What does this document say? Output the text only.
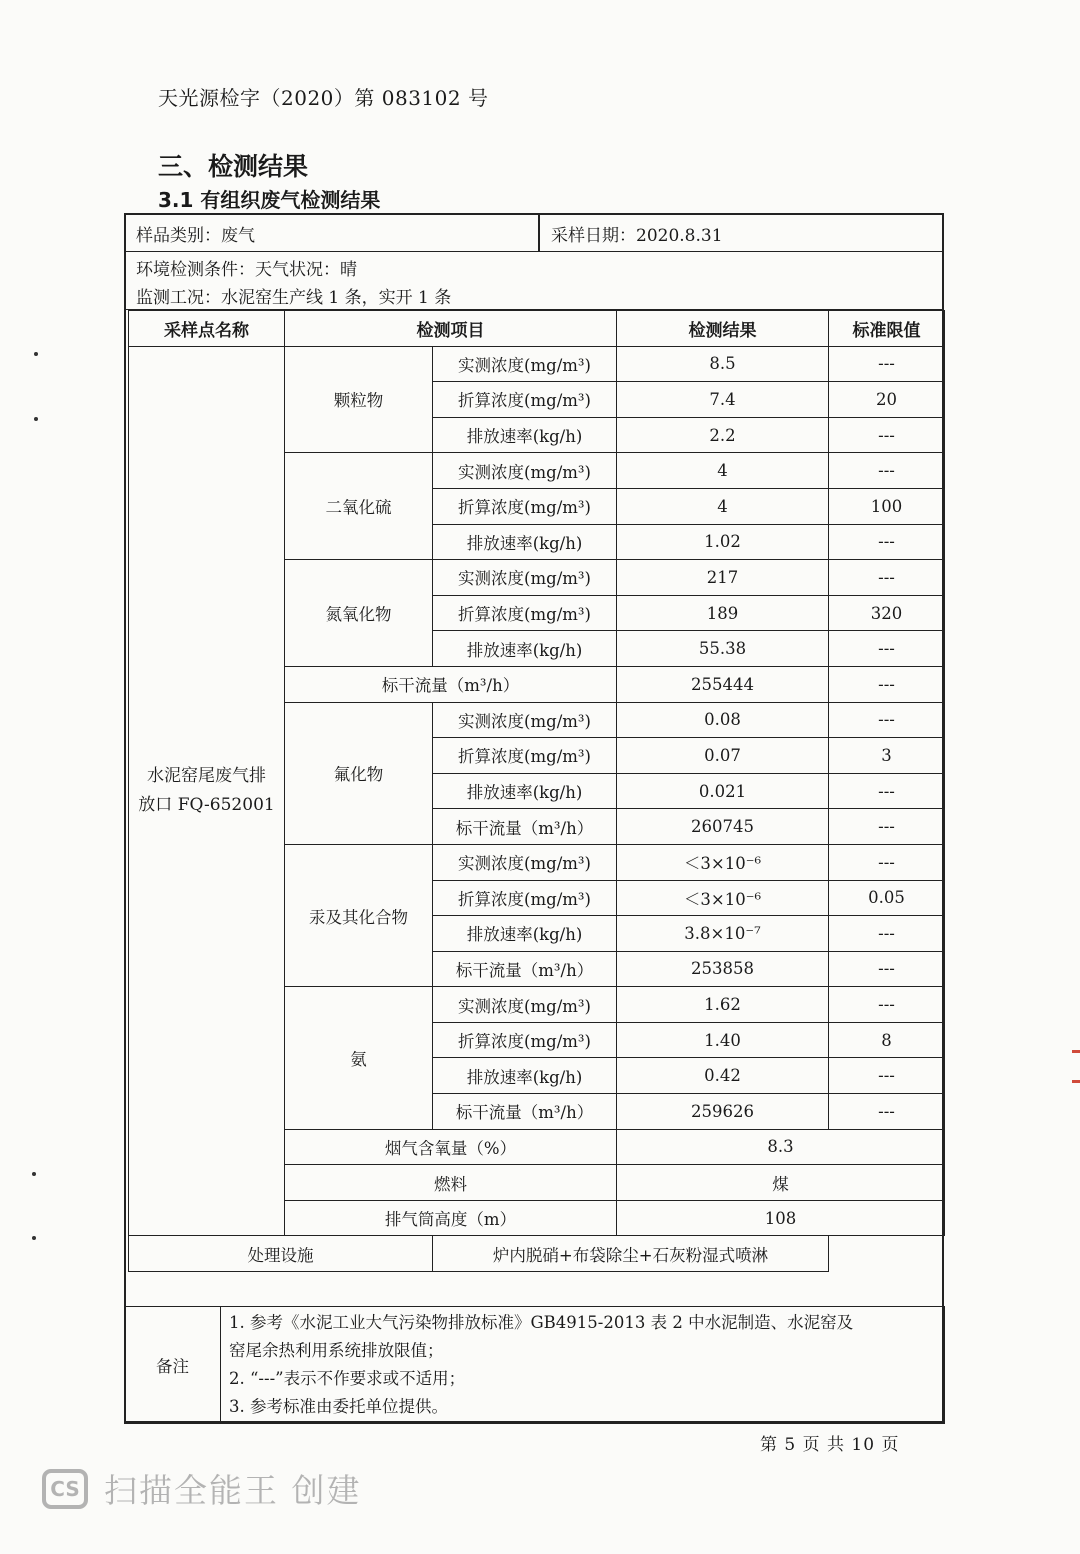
天光源检字（2020）第 083102 号
三、检测结果
3.1 有组织废气检测结果
样品类别：废气	采样日期：2020.8.31
环境检测条件：天气状况：晴
监测工况：水泥窑生产线 1 条，实开 1 条
采样点名称	检测项目		检测结果	标准限值
水泥窑尾废气排
放口 FQ-652001	颗粒物	实测浓度(mg/m³)	8.5	---
		折算浓度(mg/m³)	7.4	20
		排放速率(kg/h)	2.2	---
	二氧化硫	实测浓度(mg/m³)	4	---
		折算浓度(mg/m³)	4	100
		排放速率(kg/h)	1.02	---
	氮氧化物	实测浓度(mg/m³)	217	---
		折算浓度(mg/m³)	189	320
		排放速率(kg/h)	55.38	---
	标干流量（m³/h）		255444	---
	氟化物	实测浓度(mg/m³)	0.08	---
		折算浓度(mg/m³)	0.07	3
		排放速率(kg/h)	0.021	---
		标干流量（m³/h）	260745	---
	汞及其化合物	实测浓度(mg/m³)	＜3×10⁻⁶	---
		折算浓度(mg/m³)	＜3×10⁻⁶	0.05
		排放速率(kg/h)	3.8×10⁻⁷	---
		标干流量（m³/h）	253858	---
	氨	实测浓度(mg/m³)	1.62	---
		折算浓度(mg/m³)	1.40	8
		排放速率(kg/h)	0.42	---
		标干流量（m³/h）	259626	---
	烟气含氧量（%）		8.3	
	燃料		煤	
	排气筒高度（m）		108	
处理设施		炉内脱硝+布袋除尘+石灰粉湿式喷淋		
备注	
1. 参考《水泥工业大气污染物排放标准》GB4915-2013 表 2 中水泥制造、水泥窑及
窑尾余热利用系统排放限值；
2. “---”表示不作要求或不适用；
3. 参考标准由委托单位提供。
第 5 页 共 10 页
CS 扫描全能王 创建
